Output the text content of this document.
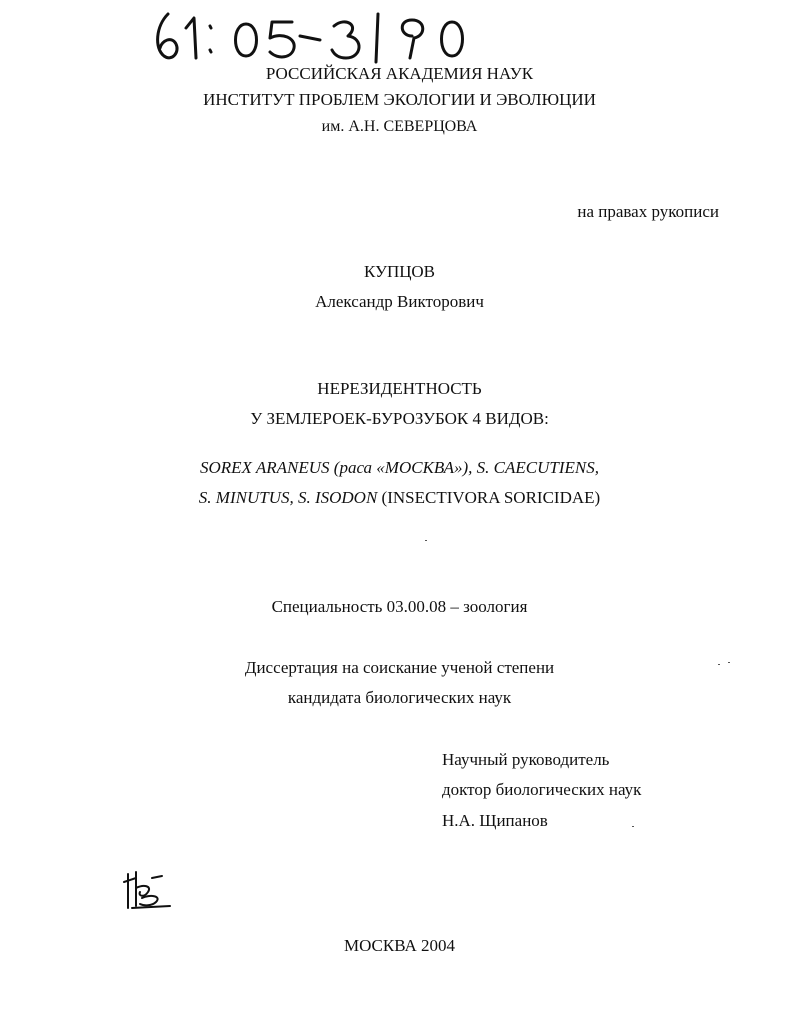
РОССИЙСКАЯ АКАДЕМИЯ НАУК
ИНСТИТУТ ПРОБЛЕМ ЭКОЛОГИИ И ЭВОЛЮЦИИ
им. А.Н. СЕВЕРЦОВА
на правах рукописи
КУПЦОВ
Александр Викторович
НЕРЕЗИДЕНТНОСТЬ
У ЗЕМЛЕРОЕК-БУРОЗУБОК 4 ВИДОВ:
SOREX ARANEUS (раса «МОСКВА»), S. CAECUTIENS,
S. MINUTUS, S. ISODON (INSECTIVORA SORICIDAE)
Специальность 03.00.08 – зоология
Диссертация на соискание ученой степени
кандидата биологических наук
Научный руководитель
доктор биологических наук
Н.А. Щипанов
МОСКВА 2004
